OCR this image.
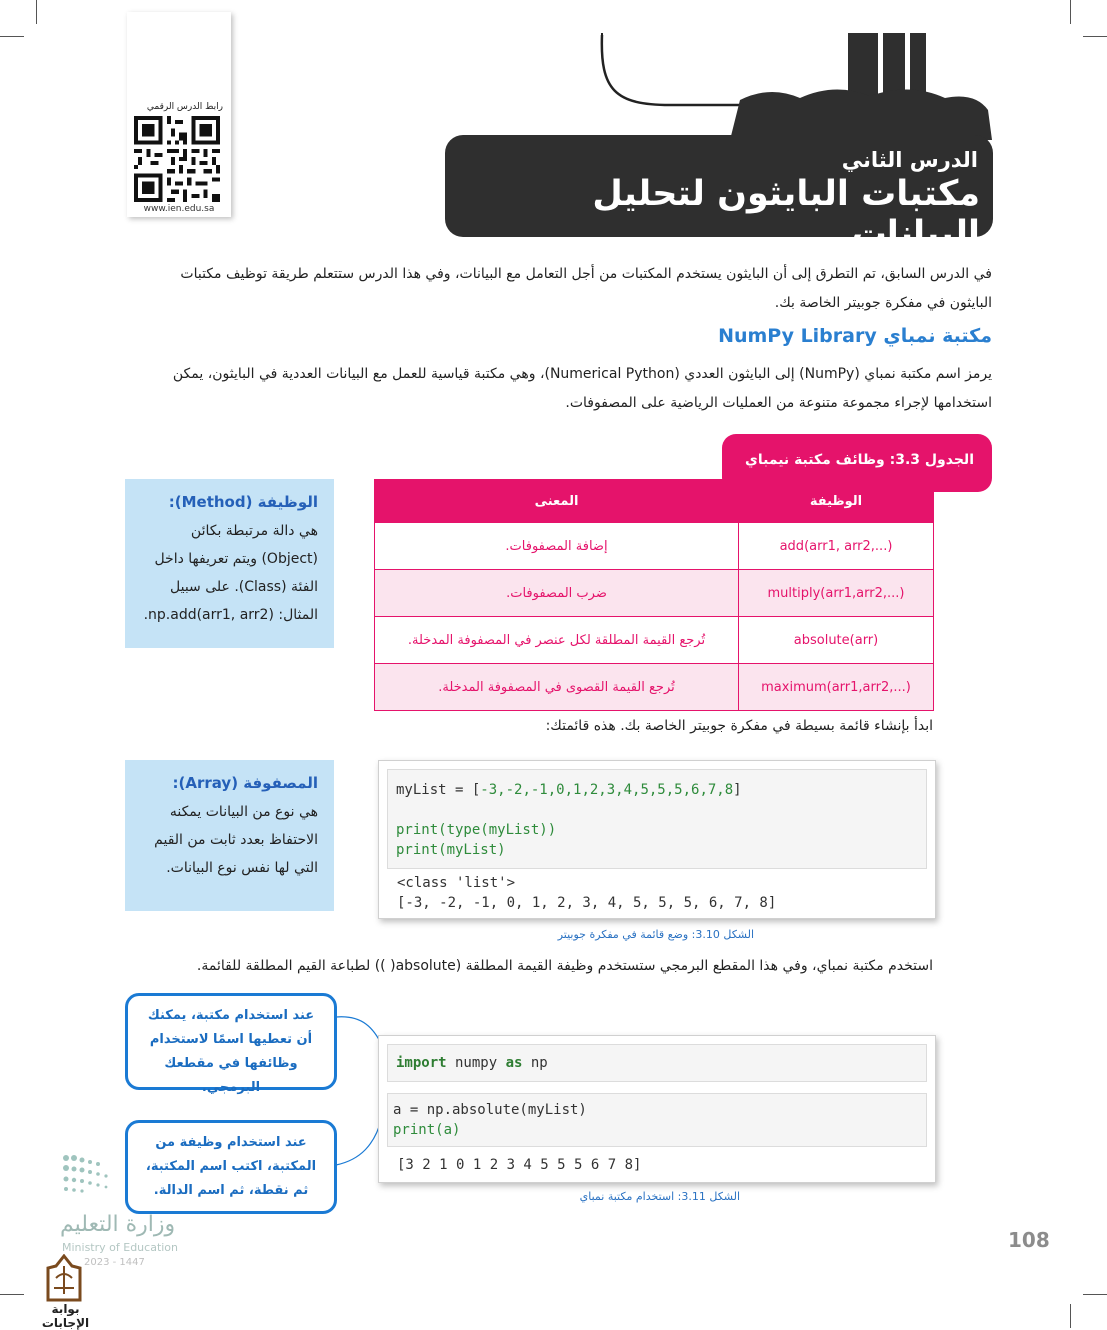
رابط الدرس الرقمي
www.ien.edu.sa
الدرس الثاني
مكتبات البايثون لتحليل البيانات
في الدرس السابق، تم التطرق إلى أن البايثون يستخدم المكتبات من أجل التعامل مع البيانات، وفي هذا الدرس ستتعلم طريقة توظيف مكتبات البايثون في مفكرة جوبيتر الخاصة بك.
مكتبة نمباي NumPy Library
يرمز اسم مكتبة نمباي (NumPy) إلى البايثون العددي (Numerical Python)، وهي مكتبة قياسية للعمل مع البيانات العددية في البايثون، يمكن استخدامها لإجراء مجموعة متنوعة من العمليات الرياضية على المصفوفات.
الوظيفة (Method):
هي دالة مرتبطة بكائن (Object) ويتم تعريفها داخل الفئة (Class). على سبيل المثال: np.add(arr1, arr2).
الجدول 3.3: وظائف مكتبة نيمباي
الوظيفة	المعنى
add(arr1, arr2,...)	إضافة المصفوفات.
multiply(arr1,arr2,...)	ضرب المصفوفات.
absolute(arr)	تُرجع القيمة المطلقة لكل عنصر في المصفوفة المدخلة.
maximum(arr1,arr2,...)	تُرجع القيمة القصوى في المصفوفة المدخلة.
ابدأ بإنشاء قائمة بسيطة في مفكرة جوبيتر الخاصة بك. هذه قائمتك:
المصفوفة (Array):
هي نوع من البيانات يمكنه الاحتفاظ بعدد ثابت من القيم التي لها نفس نوع البيانات.
myList = [-3,-2,-1,0,1,2,3,4,5,5,5,6,7,8]
print(type(myList))
print(myList)
<class 'list'>
[-3, -2, -1, 0, 1, 2, 3, 4, 5, 5, 5, 6, 7, 8]
الشكل 3.10: وضع قائمة في مفكرة جوبيتر
استخدم مكتبة نمباي، وفي هذا المقطع البرمجي ستستخدم وظيفة القيمة المطلقة (absolute( )) لطباعة القيم المطلقة للقائمة.
عند استخدام مكتبة، يمكنك أن تعطيها اسمًا لاستخدام وظائفها في مقطعك البرمجي.
عند استخدام وظيفة من المكتبة، اكتب اسم المكتبة، ثم نقطة، ثم اسم الدالة.
import numpy as np
a = np.absolute(myList)
print(a)
[3 2 1 0 1 2 3 4 5 5 5 6 7 8]
الشكل 3.11: استخدام مكتبة نمباي
وزارة التعليم
Ministry of Education
2023 - 1447
108
بوابة الإجابات
